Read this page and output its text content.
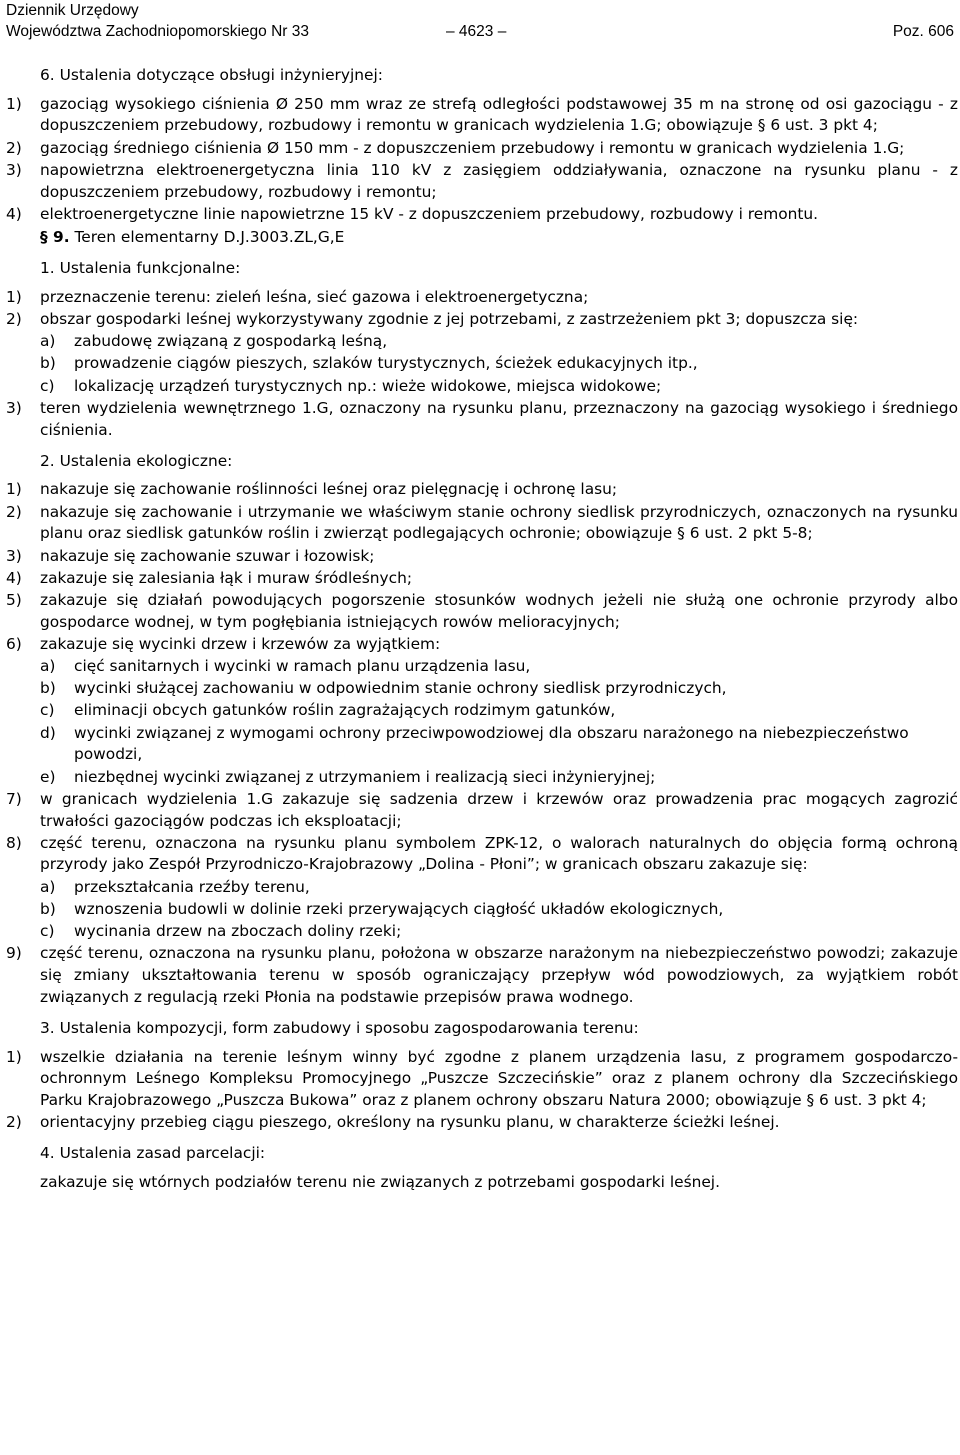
Dziennik Urzędowy
Województwa Zachodniopomorskiego Nr 33	– 4623 –	Poz. 606
6. Ustalenia dotyczące obsługi inżynieryjnej:
1) gazociąg wysokiego ciśnienia Ø 250 mm wraz ze strefą odległości podstawowej 35 m na stronę od osi gazociągu - z dopuszczeniem przebudowy, rozbudowy i remontu w granicach wydzielenia 1.G; obowiązuje § 6 ust. 3 pkt 4;
2) gazociąg średniego ciśnienia Ø 150 mm - z dopuszczeniem przebudowy i remontu w granicach wydzielenia 1.G;
3) napowietrzna elektroenergetyczna linia 110 kV z zasięgiem oddziaływania, oznaczone na rysunku planu - z dopuszczeniem przebudowy, rozbudowy i remontu;
4) elektroenergetyczne linie napowietrzne 15 kV - z dopuszczeniem przebudowy, rozbudowy i remontu.
§ 9. Teren elementarny D.J.3003.ZL,G,E
1. Ustalenia funkcjonalne:
1) przeznaczenie terenu: zieleń leśna, sieć gazowa i elektroenergetyczna;
2) obszar gospodarki leśnej wykorzystywany zgodnie z jej potrzebami, z zastrzeżeniem pkt 3; dopuszcza się:
a) zabudowę związaną z gospodarką leśną,
b) prowadzenie ciągów pieszych, szlaków turystycznych, ścieżek edukacyjnych itp.,
c) lokalizację urządzeń turystycznych np.: wieże widokowe, miejsca widokowe;
3) teren wydzielenia wewnętrznego 1.G, oznaczony na rysunku planu, przeznaczony na gazociąg wysokiego i średniego ciśnienia.
2. Ustalenia ekologiczne:
1) nakazuje się zachowanie roślinności leśnej oraz pielęgnację i ochronę lasu;
2) nakazuje się zachowanie i utrzymanie we właściwym stanie ochrony siedlisk przyrodniczych, oznaczonych na rysunku planu oraz siedlisk gatunków roślin i zwierząt podlegających ochronie; obowiązuje § 6 ust. 2 pkt 5-8;
3) nakazuje się zachowanie szuwar i łozowisk;
4) zakazuje się zalesiania łąk i muraw śródleśnych;
5) zakazuje się działań powodujących pogorszenie stosunków wodnych jeżeli nie służą one ochronie przyrody albo gospodarce wodnej, w tym pogłębiania istniejących rowów melioracyjnych;
6) zakazuje się wycinki drzew i krzewów za wyjątkiem:
a) cięć sanitarnych i wycinki w ramach planu urządzenia lasu,
b) wycinki służącej zachowaniu w odpowiednim stanie ochrony siedlisk przyrodniczych,
c) eliminacji obcych gatunków roślin zagrażających rodzimym gatunków,
d) wycinki związanej z wymogami ochrony przeciwpowodziowej dla obszaru narażonego na niebezpieczeństwo powodzi,
e) niezbędnej wycinki związanej z utrzymaniem i realizacją sieci inżynieryjnej;
7) w granicach wydzielenia 1.G zakazuje się sadzenia drzew i krzewów oraz prowadzenia prac mogących zagrozić trwałości gazociągów podczas ich eksploatacji;
8) część terenu, oznaczona na rysunku planu symbolem ZPK-12, o walorach naturalnych do objęcia formą ochroną przyrody jako Zespół Przyrodniczo-Krajobrazowy „Dolina - Płoni”; w granicach obszaru zakazuje się:
a) przekształcania rzeźby terenu,
b) wznoszenia budowli w dolinie rzeki przerywających ciągłość układów ekologicznych,
c) wycinania drzew na zboczach doliny rzeki;
9) część terenu, oznaczona na rysunku planu, położona w obszarze narażonym na niebezpieczeństwo powodzi; zakazuje się zmiany ukształtowania terenu w sposób ograniczający przepływ wód powodziowych, za wyjątkiem robót związanych z regulacją rzeki Płonia na podstawie przepisów prawa wodnego.
3. Ustalenia kompozycji, form zabudowy i sposobu zagospodarowania terenu:
1) wszelkie działania na terenie leśnym winny być zgodne z planem urządzenia lasu, z programem gospodarczo-ochronnym Leśnego Kompleksu Promocyjnego „Puszcze Szczecińskie” oraz z planem ochrony dla Szczecińskiego Parku Krajobrazowego „Puszcza Bukowa” oraz z planem ochrony obszaru Natura 2000; obowiązuje § 6 ust. 3 pkt 4;
2) orientacyjny przebieg ciągu pieszego, określony na rysunku planu, w charakterze ścieżki leśnej.
4. Ustalenia zasad parcelacji:
zakazuje się wtórnych podziałów terenu nie związanych z potrzebami gospodarki leśnej.
